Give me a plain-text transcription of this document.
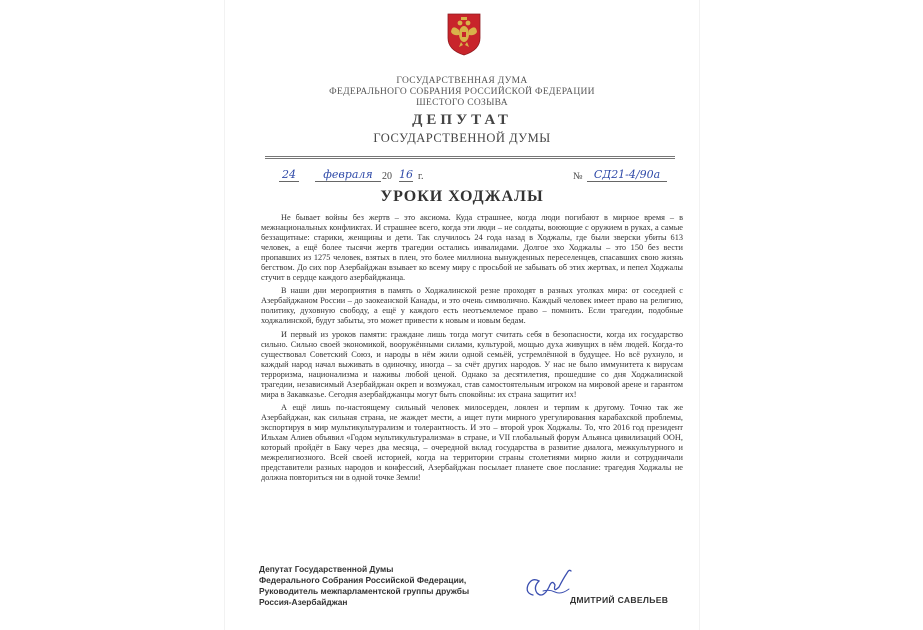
ГОСУДАРСТВЕННАЯ ДУМА
ФЕДЕРАЛЬНОГО СОБРАНИЯ РОССИЙСКОЙ ФЕДЕРАЦИИ
ШЕСТОГО СОЗЫВА
ДЕПУТАТ
ГОСУДАРСТВЕННОЙ ДУМЫ
24	февраля 20 16 г.	№	СД21-4/90а
УРОКИ ХОДЖАЛЫ

Не бывает войны без жертв – это аксиома. Куда страшнее, когда люди погибают в мирное время – в межнациональных конфликтах. И страшнее всего, когда эти люди – не солдаты, воюющие с оружием в руках, а самые беззащитные: старики, женщины и дети. Так случилось 24 года назад в Ходжалы, где были зверски убиты 613 человек, а ещё более тысячи жертв трагедии остались инвалидами. Долгое эхо Ходжалы – это 150 без вести пропавших из 1275 человек, взятых в плен, это более миллиона вынужденных переселенцев, спасавших свою жизнь бегством. До сих пор Азербайджан взывает ко всему миру с просьбой не забывать об этих жертвах, и пепел Ходжалы стучит в сердце каждого азербайджанца.

В наши дни мероприятия в память о Ходжалинской резне проходят в разных уголках мира: от соседней с Азербайджаном России – до заокеанской Канады, и это очень символично. Каждый человек имеет право на религию, политику, духовную свободу, а ещё у каждого есть неотъемлемое право – помнить. Если трагедии, подобные ходжалинской, будут забыты, это может привести к новым и новым бедам.

И первый из уроков памяти: граждане лишь тогда могут считать себя в безопасности, когда их государство сильно. Сильно своей экономикой, вооружёнными силами, культурой, мощью духа живущих в нём людей. Когда-то существовал Советский Союз, и народы в нём жили одной семьёй, устремлённой в будущее. Но всё рухнуло, и каждый народ начал выживать в одиночку, иногда – за счёт других народов. У нас не было иммунитета к вирусам терроризма, национализма и наживы любой ценой. Однако за десятилетия, прошедшие со дня Ходжалинской трагедии, независимый Азербайджан окреп и возмужал, став самостоятельным игроком на мировой арене и гарантом мира в Закавказье. Сегодня азербайджанцы могут быть спокойны: их страна защитит их!

А ещё лишь по-настоящему сильный человек милосерден, лоялен и терпим к другому. Точно так же Азербайджан, как сильная страна, не жаждет мести, а ищет пути мирного урегулирования карабахской проблемы, экспортируя в мир мультикультурализм и толерантность. И это – второй урок Ходжалы. То, что 2016 год президент Ильхам Алиев объявил «Годом мультикультурализма» в стране, и VII глобальный форум Альянса цивилизаций ООН, который пройдёт в Баку через два месяца, – очередной вклад государства в развитие диалога, межкультурного и межрелигиозного. Всей своей историей, когда на территории страны столетиями мирно жили и сотрудничали представители разных народов и конфессий, Азербайджан посылает планете свое послание: трагедия Ходжалы не должна повториться ни в одной точке Земли!

Депутат Государственной Думы
Федерального Собрания Российской Федерации,
Руководитель межпарламентской группы дружбы
Россия-Азербайджан	ДМИТРИЙ САВЕЛЬЕВ
